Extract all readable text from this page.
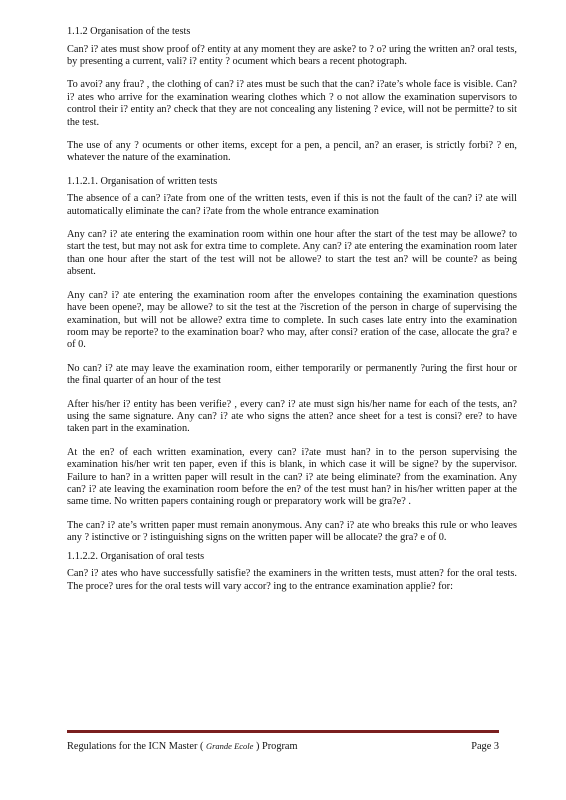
1.1.2 Organisation of the tests

Can? i? ates must show proof of? entity at any moment they are aske? to ? o? uring the written an? oral tests, by presenting a current, vali? i? entity ? ocument which bears a recent photograph.

To avoi? any frau? , the clothing of can? i? ates must be such that the can? i?ate’s whole face is visible. Can? i? ates who arrive for the examination wearing clothes which ? o not allow the examination supervisors to control their i? entity an? check that they are not concealing any listening ? evice, will not be permitte? to sit the test.

The use of any ? ocuments or other items, except for a pen, a pencil, an? an eraser, is strictly forbi? ? en, whatever the nature of the examination.

1.1.2.1. Organisation of written tests

The absence of a can? i?ate from one of the written tests, even if this is not the fault of the can? i? ate will automatically eliminate the can? i?ate from the whole entrance examination

Any can? i? ate entering the examination room within one hour after the start of the test may be allowe? to start the test, but may not ask for extra time to complete. Any can? i? ate entering the examination room later than one hour after the start of the test will not be allowe? to start the test an? will be counte? as being absent.

Any can? i? ate entering the examination room after the envelopes containing the examination questions have been opene?, may be allowe? to sit the test at the ?iscretion of the person in charge of supervising the examination, but will not be allowe? extra time to complete. In such cases late entry into the examination room may be reporte? to the examination boar? who may, after consi? eration of the case, allocate the gra? e of 0.

No can? i? ate may leave the examination room, either temporarily or permanently ?uring the first hour or the final quarter of an hour of the test

After his/her i? entity has been verifie? , every can? i? ate must sign his/her name for each of the tests, an? using the same signature. Any can? i? ate who signs the atten? ance sheet for a test is consi? ere? to have taken part in the examination.

At the en? of each written examination, every can? i?ate must han? in to the person supervising the examination his/her writ ten paper, even if this is blank, in which case it will be signe? by the supervisor. Failure to han? in a written paper will result in the can? i? ate being eliminate? from the examination. Any can? i? ate leaving the examination room before the en? of the test must han? in his/her written paper at the same time. No written papers containing rough or preparatory work will be gra?e? .

The can? i? ate’s written paper must remain anonymous. Any can? i? ate who breaks this rule or who leaves any ? istinctive or ? istinguishing signs on the written paper will be allocate? the gra? e of 0.

1.1.2.2. Organisation of oral tests

Can? i? ates who have successfully satisfie? the examiners in the written tests, must atten? for the oral tests. The proce? ures for the oral tests will vary accor? ing to the entrance examination applie? for:

Regulations for the ICN Master ( Grande Ecole ) Program	Page 3
